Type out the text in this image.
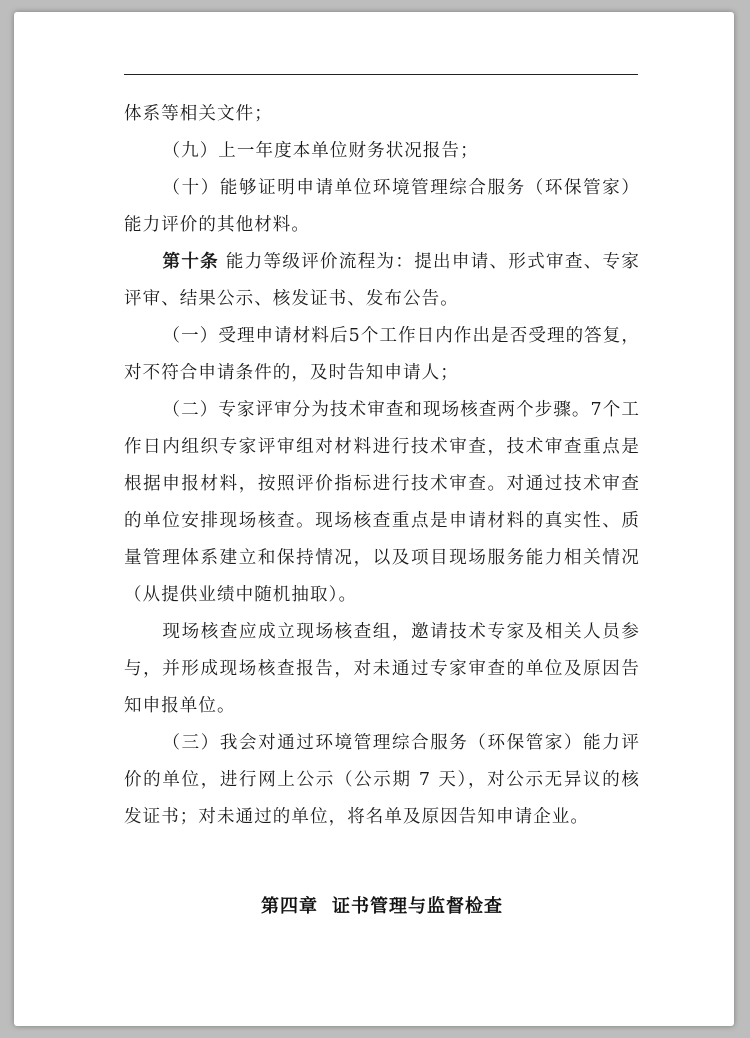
体系等相关文件；

（九）上一年度本单位财务状况报告；

（十）能够证明申请单位环境管理综合服务（环保管家）能力评价的其他材料。

第十条 能力等级评价流程为：提出申请、形式审查、专家评审、结果公示、核发证书、发布公告。

（一）受理申请材料后5个工作日内作出是否受理的答复，对不符合申请条件的，及时告知申请人；

（二）专家评审分为技术审查和现场核查两个步骤。7个工作日内组织专家评审组对材料进行技术审查，技术审查重点是根据申报材料，按照评价指标进行技术审查。对通过技术审查的单位安排现场核查。现场核查重点是申请材料的真实性、质量管理体系建立和保持情况，以及项目现场服务能力相关情况（从提供业绩中随机抽取）。

现场核查应成立现场核查组，邀请技术专家及相关人员参与，并形成现场核查报告，对未通过专家审查的单位及原因告知申报单位。

（三）我会对通过环境管理综合服务（环保管家）能力评价的单位，进行网上公示（公示期 7 天），对公示无异议的核发证书；对未通过的单位，将名单及原因告知申请企业。

第四章 证书管理与监督检查
